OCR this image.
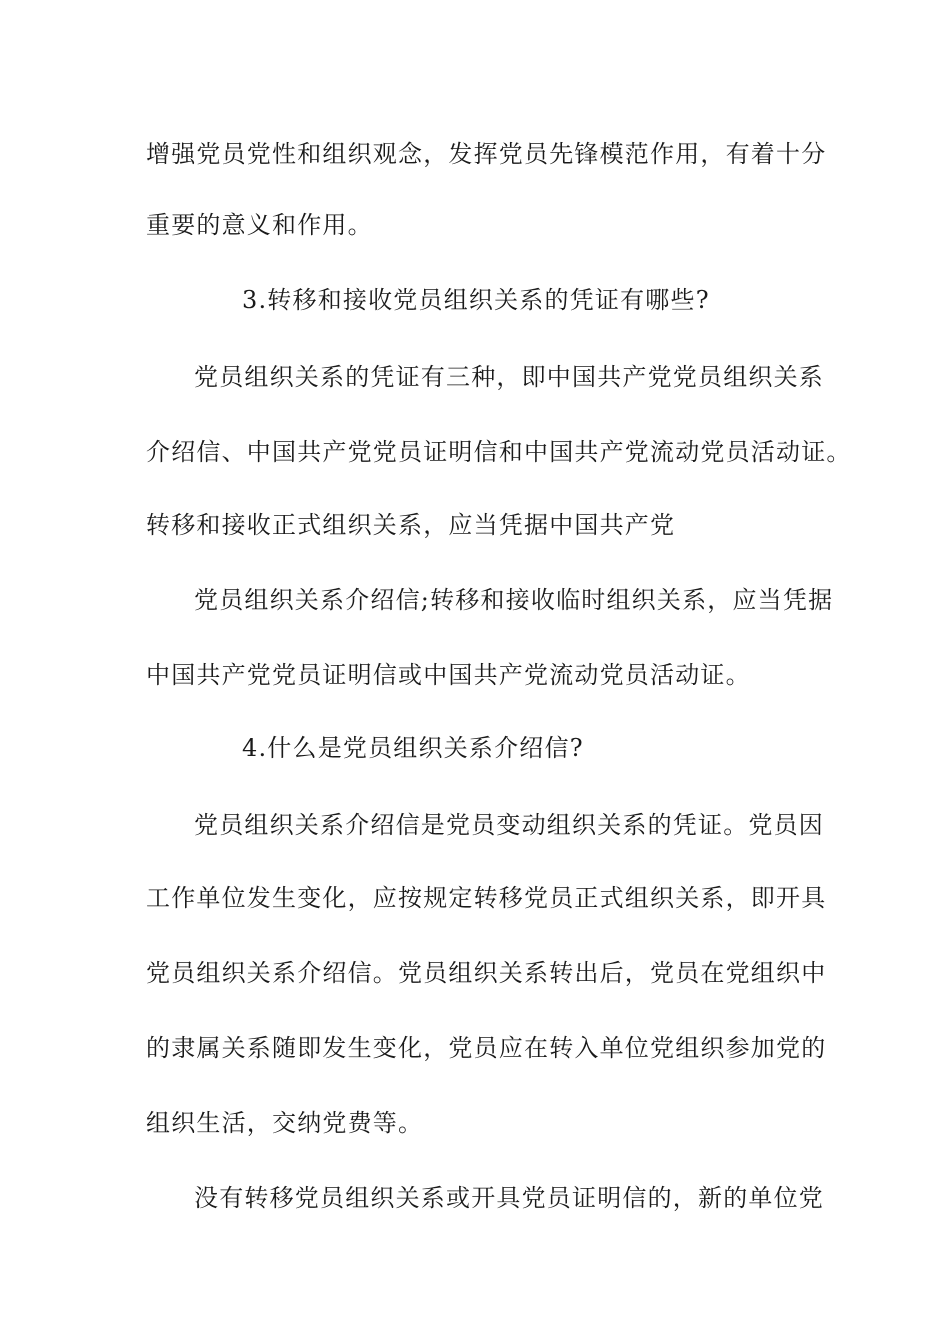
增强党员党性和组织观念，发挥党员先锋模范作用，有着十分
重要的意义和作用。
3.转移和接收党员组织关系的凭证有哪些?
党员组织关系的凭证有三种，即中国共产党党员组织关系
介绍信、中国共产党党员证明信和中国共产党流动党员活动证。
转移和接收正式组织关系，应当凭据中国共产党
党员组织关系介绍信;转移和接收临时组织关系，应当凭据
中国共产党党员证明信或中国共产党流动党员活动证。
4.什么是党员组织关系介绍信?
党员组织关系介绍信是党员变动组织关系的凭证。党员因
工作单位发生变化，应按规定转移党员正式组织关系，即开具
党员组织关系介绍信。党员组织关系转出后，党员在党组织中
的隶属关系随即发生变化，党员应在转入单位党组织参加党的
组织生活，交纳党费等。
没有转移党员组织关系或开具党员证明信的，新的单位党
